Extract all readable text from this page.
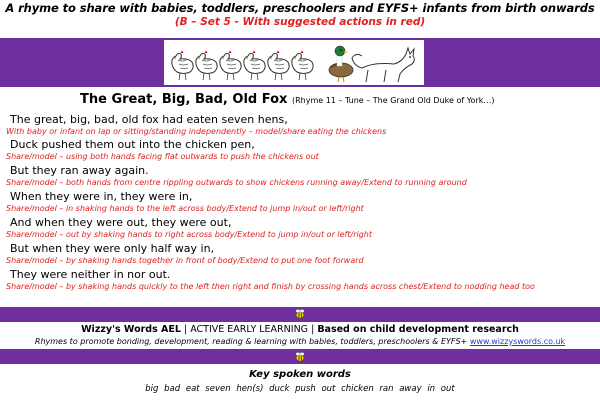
A rhyme to share with babies, toddlers, preschoolers and EYFS+ infants from birth onwards
(B – Set 5 - With suggested actions in red)
The Great, Big, Bad, Old Fox (Rhyme 11 – Tune – The Grand Old Duke of York…)
The great, big, bad, old fox had eaten seven hens,
With baby or infant on lap or sitting/standing independently – model/share eating the chickens
Duck pushed them out into the chicken pen,
Share/model – using both hands facing flat outwards to push the chickens out
But they ran away again.
Share/model – both hands from centre rippling outwards to show chickens running away/Extend to running around
When they were in, they were in,
Share/model – in shaking hands to the left across body/Extend to jump in/out or left/right
And when they were out, they were out,
Share/model – out by shaking hands to right across body/Extend to jump in/out or left/right
But when they were only half way in,
Share/model – by shaking hands together in front of body/Extend to put one foot forward
They were neither in nor out.
Share/model – by shaking hands quickly to the left then right and finish by crossing hands across chest/Extend to nodding head too
Wizzy's Words AEL | ACTIVE EARLY LEARNING | Based on child development research
Rhymes to promote bonding, development, reading & learning with babies, toddlers, preschoolers & EYFS+ www.wizzyswords.co.uk
Key spoken words
big bad eat seven hen(s) duck push out chicken ran away in out
